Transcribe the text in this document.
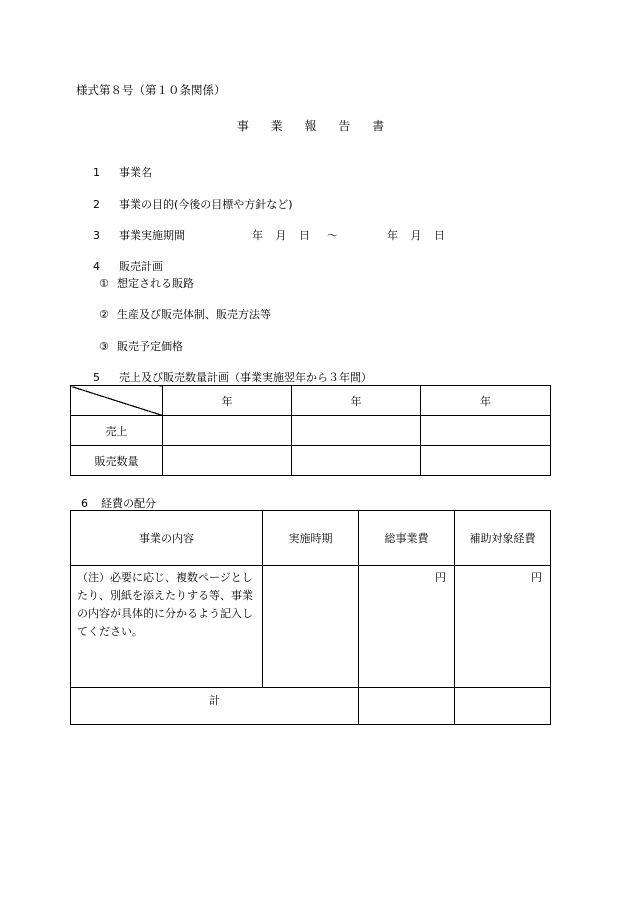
様式第８号（第１０条関係）
事 業 報 告 書
1 事業名
2 事業の目的(今後の目標や方針など)
3 事業実施期間	年 月 日 ～	年 月 日
4 販売計画
① 想定される販路
② 生産及び販売体制、販売方法等
③ 販売予定価格
5 売上及び販売数量計画（事業実施翌年から３年間）
	年	年	年
売上			
販売数量			
6 経費の配分
事業の内容	実施時期	総事業費	補助対象経費
（注）必要に応じ、複数ページとしたり、別紙を添えたりする等、事業の内容が具体的に分かるよう記入してください。		円	円
計			
